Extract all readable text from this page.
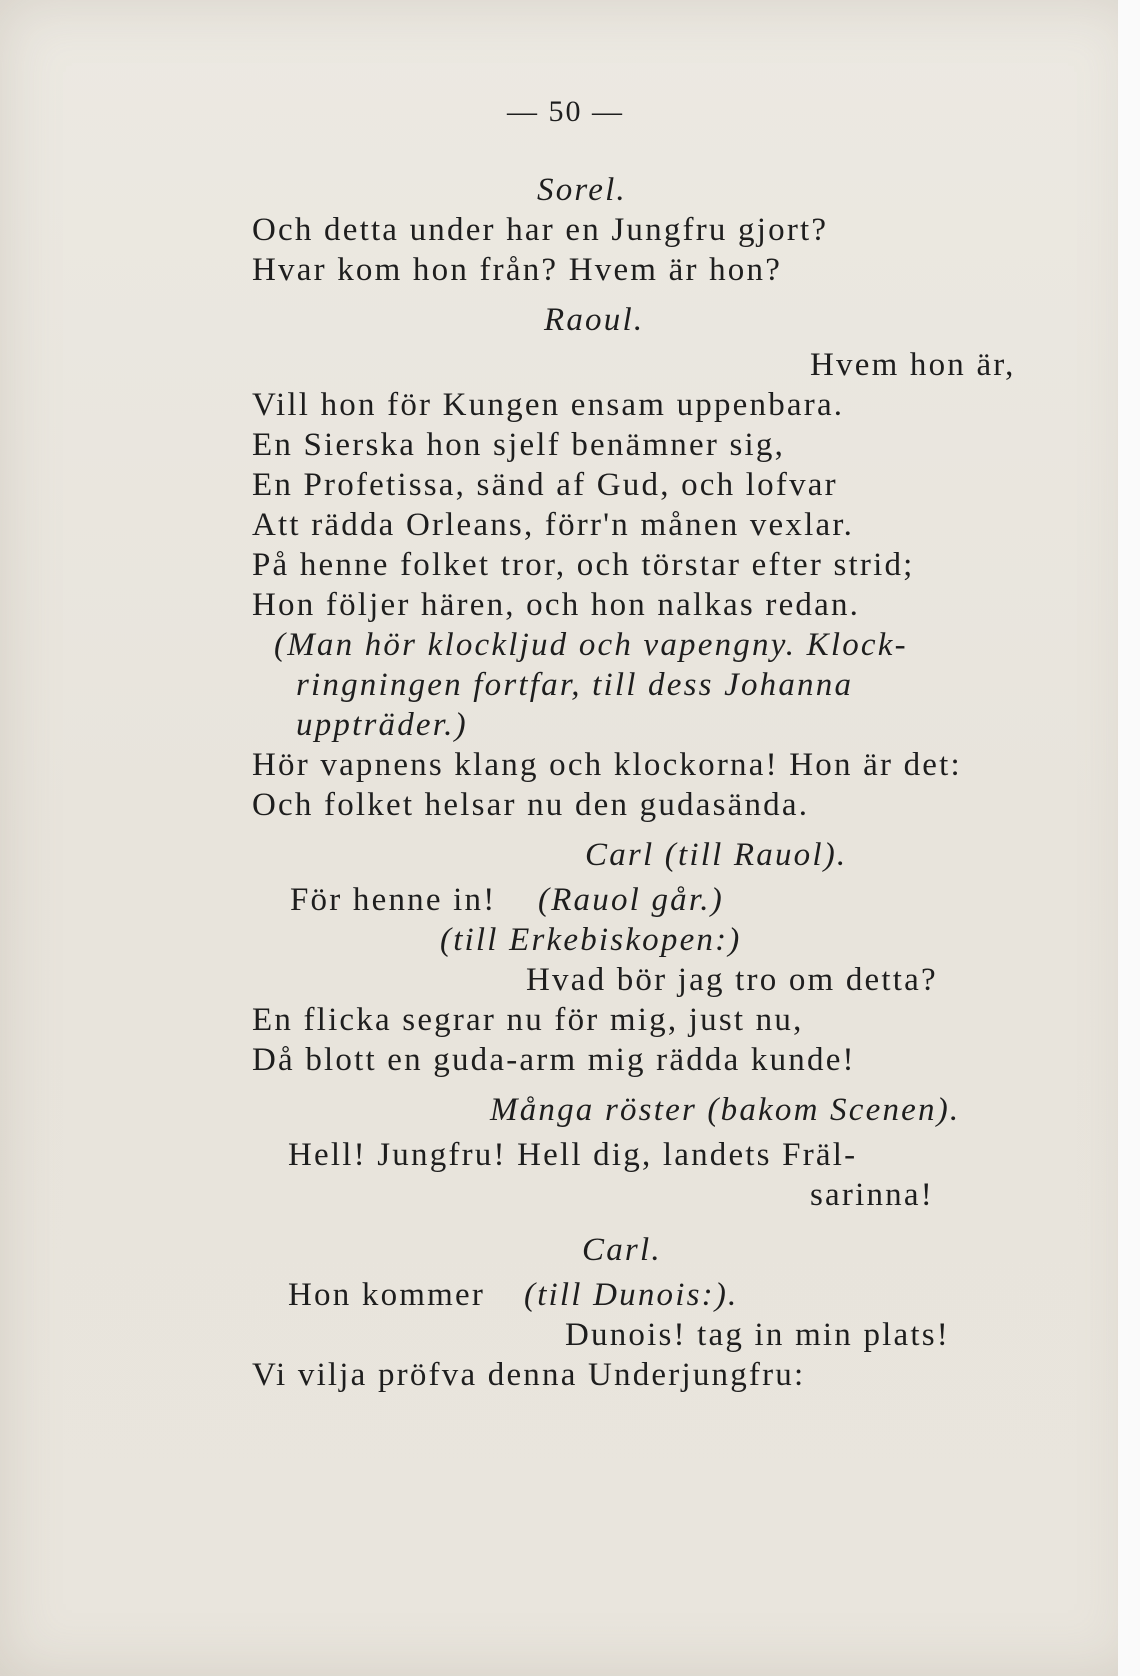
— 50 —
Sorel.
Och detta under har en Jungfru gjort?
Hvar kom hon från? Hvem är hon?
Raoul.
Hvem hon är,
Vill hon för Kungen ensam uppenbara.
En Sierska hon sjelf benämner sig,
En Profetissa, sänd af Gud, och lofvar
Att rädda Orleans, förr'n månen vexlar.
På henne folket tror, och törstar efter strid;
Hon följer hären, och hon nalkas redan.
(Man hör klockljud och vapengny. Klock-
ringningen fortfar, till dess Johanna
uppträder.)
Hör vapnens klang och klockorna! Hon är det:
Och folket helsar nu den gudasända.
Carl (till Rauol).
För henne in! (Rauol går.)
(till Erkebiskopen:)
Hvad bör jag tro om detta?
En flicka segrar nu för mig, just nu,
Då blott en guda-arm mig rädda kunde!
Många röster (bakom Scenen).
Hell! Jungfru! Hell dig, landets Fräl-
sarinna!
Carl.
Hon kommer (till Dunois:).
Dunois! tag in min plats!
Vi vilja pröfva denna Underjungfru:
